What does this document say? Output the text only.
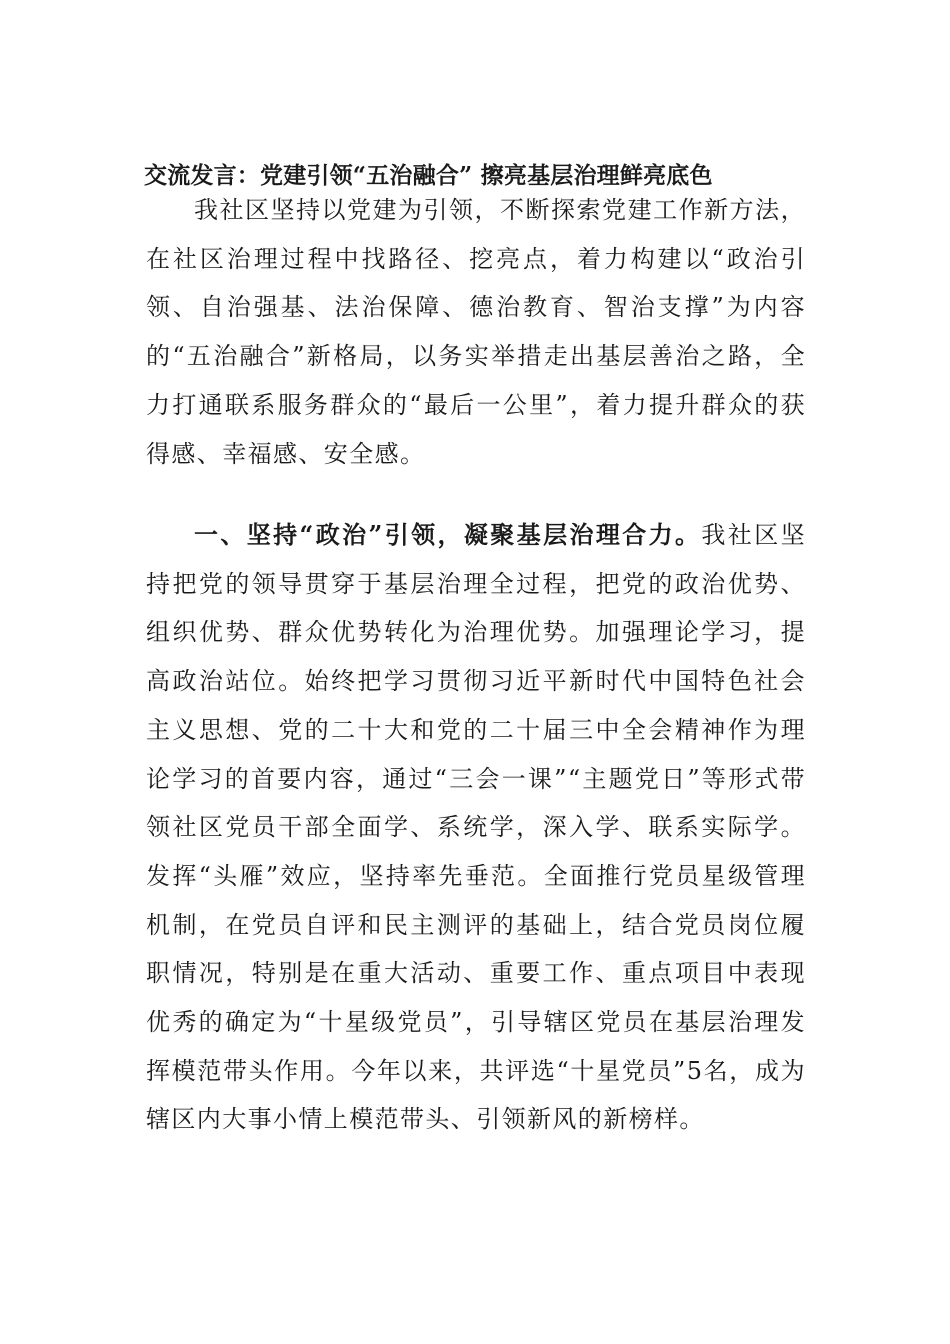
交流发言：党建引领“五治融合” 擦亮基层治理鲜亮底色

我社区坚持以党建为引领，不断探索党建工作新方法，在社区治理过程中找路径、挖亮点，着力构建以“政治引领、自治强基、法治保障、德治教育、智治支撑”为内容的“五治融合”新格局，以务实举措走出基层善治之路，全力打通联系服务群众的“最后一公里”，着力提升群众的获得感、幸福感、安全感。

一、坚持“政治”引领，凝聚基层治理合力。我社区坚持把党的领导贯穿于基层治理全过程，把党的政治优势、组织优势、群众优势转化为治理优势。加强理论学习，提高政治站位。始终把学习贯彻习近平新时代中国特色社会主义思想、党的二十大和党的二十届三中全会精神作为理论学习的首要内容，通过“三会一课”“主题党日”等形式带领社区党员干部全面学、系统学，深入学、联系实际学。发挥“头雁”效应，坚持率先垂范。全面推行党员星级管理机制，在党员自评和民主测评的基础上，结合党员岗位履职情况，特别是在重大活动、重要工作、重点项目中表现优秀的确定为“十星级党员”，引导辖区党员在基层治理发挥模范带头作用。今年以来，共评选“十星党员”5名，成为辖区内大事小情上模范带头、引领新风的新榜样。
